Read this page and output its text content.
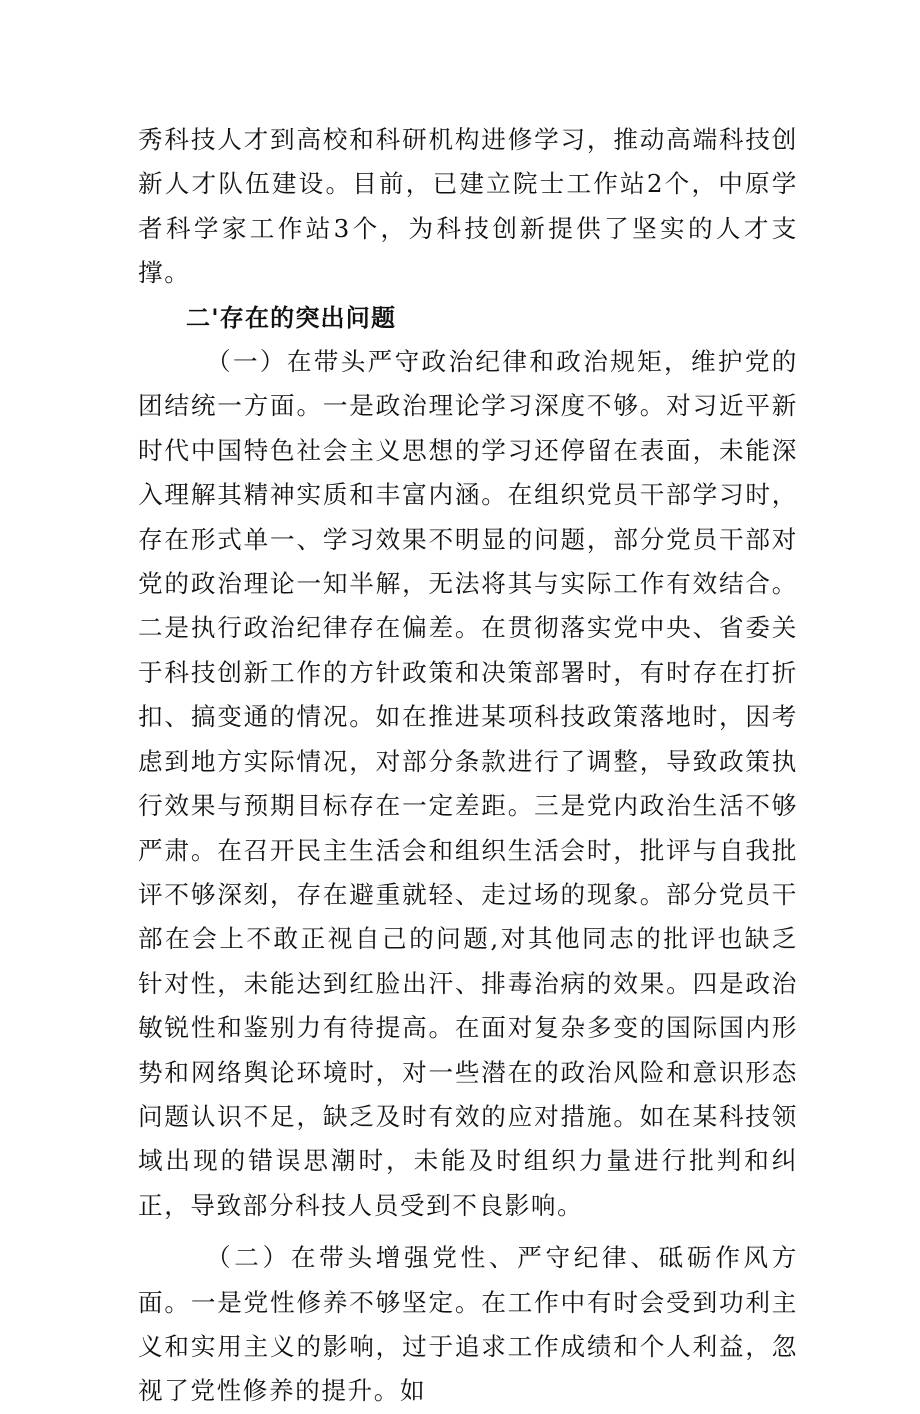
秀科技人才到高校和科研机构进修学习，推动高端科技创新人才队伍建设。目前，已建立院士工作站2个，中原学者科学家工作站3个，为科技创新提供了坚实的人才支撑。

二'存在的突出问题

（一）在带头严守政治纪律和政治规矩，维护党的团结统一方面。一是政治理论学习深度不够。对习近平新时代中国特色社会主义思想的学习还停留在表面，未能深入理解其精神实质和丰富内涵。在组织党员干部学习时，存在形式单一、学习效果不明显的问题，部分党员干部对党的政治理论一知半解，无法将其与实际工作有效结合。二是执行政治纪律存在偏差。在贯彻落实党中央、省委关于科技创新工作的方针政策和决策部署时，有时存在打折扣、搞变通的情况。如在推进某项科技政策落地时，因考虑到地方实际情况，对部分条款进行了调整，导致政策执行效果与预期目标存在一定差距。三是党内政治生活不够严肃。在召开民主生活会和组织生活会时，批评与自我批评不够深刻，存在避重就轻、走过场的现象。部分党员干部在会上不敢正视自己的问题,对其他同志的批评也缺乏针对性，未能达到红脸出汗、排毒治病的效果。四是政治敏锐性和鉴别力有待提高。在面对复杂多变的国际国内形势和网络舆论环境时，对一些潜在的政治风险和意识形态问题认识不足，缺乏及时有效的应对措施。如在某科技领域出现的错误思潮时，未能及时组织力量进行批判和纠正，导致部分科技人员受到不良影响。

（二）在带头增强党性、严守纪律、砥砺作风方面。一是党性修养不够坚定。在工作中有时会受到功利主义和实用主义的影响，过于追求工作成绩和个人利益，忽视了党性修养的提升。如
